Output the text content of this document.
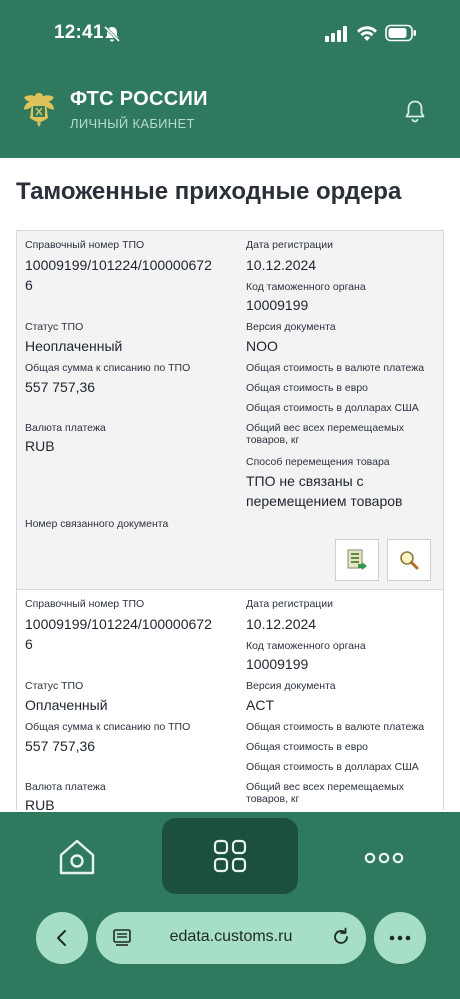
12:41
ФТС РОССИИ
ЛИЧНЫЙ КАБИНЕТ
Таможенные приходные ордера
Справочный номер ТПО
10009199/101224/1000006726
Статус ТПО
Неоплаченный
Общая сумма к списанию по ТПО
557 757,36
Валюта платежа
RUB
Номер связанного документа
Дата регистрации
10.12.2024
Код таможенного органа
10009199
Версия документа
NOO
Общая стоимость в валюте платежа
Общая стоимость в евро
Общая стоимость в долларах США
Общий вес всех перемещаемых товаров, кг
Способ перемещения товара
ТПО не связаны с перемещением товаров
Справочный номер ТПО
10009199/101224/1000006726
Статус ТПО
Оплаченный
Общая сумма к списанию по ТПО
557 757,36
Валюта платежа
RUB
Дата регистрации
10.12.2024
Код таможенного органа
10009199
Версия документа
ACT
Общая стоимость в валюте платежа
Общая стоимость в евро
Общая стоимость в долларах США
Общий вес всех перемещаемых товаров, кг
edata.customs.ru
